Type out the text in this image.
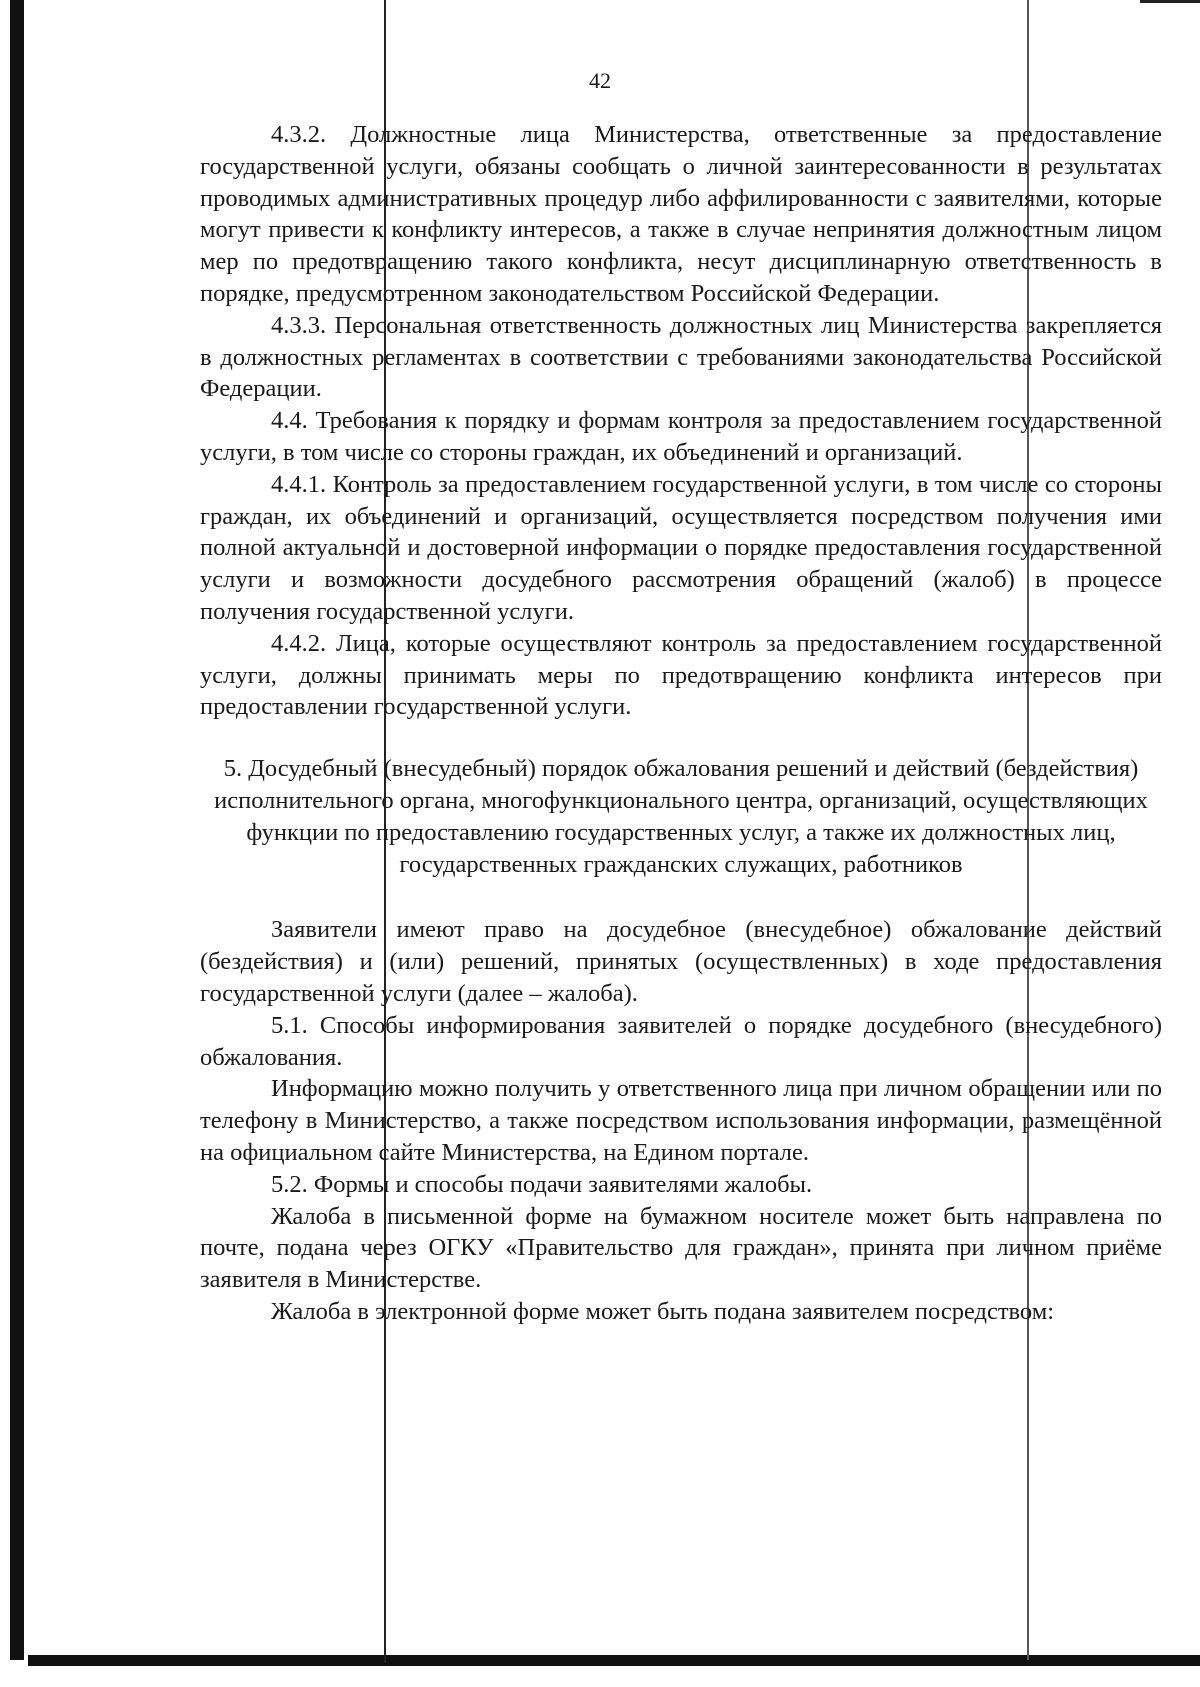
42

4.3.2. Должностные лица Министерства, ответственные за предоставление государственной услуги, обязаны сообщать о личной заинтересованности в результатах проводимых административных процедур либо аффилированности с заявителями, которые могут привести к конфликту интересов, а также в случае непринятия должностным лицом мер по предотвращению такого конфликта, несут дисциплинарную ответственность в порядке, предусмотренном законодательством Российской Федерации.

4.3.3. Персональная ответственность должностных лиц Министерства закрепляется в должностных регламентах в соответствии с требованиями законодательства Российской Федерации.

4.4. Требования к порядку и формам контроля за предоставлением государственной услуги, в том числе со стороны граждан, их объединений и организаций.

4.4.1. Контроль за предоставлением государственной услуги, в том числе со стороны граждан, их объединений и организаций, осуществляется посредством получения ими полной актуальной и достоверной информации о порядке предоставления государственной услуги и возможности досудебного рассмотрения обращений (жалоб) в процессе получения государственной услуги.

4.4.2. Лица, которые осуществляют контроль за предоставлением государственной услуги, должны принимать меры по предотвращению конфликта интересов при предоставлении государственной услуги.

5. Досудебный (внесудебный) порядок обжалования решений и действий (бездействия) исполнительного органа, многофункционального центра, организаций, осуществляющих функции по предоставлению государственных услуг, а также их должностных лиц, государственных гражданских служащих, работников

Заявители имеют право на досудебное (внесудебное) обжалование действий (бездействия) и (или) решений, принятых (осуществленных) в ходе предоставления государственной услуги (далее – жалоба).

5.1. Способы информирования заявителей о порядке досудебного (внесудебного) обжалования.

Информацию можно получить у ответственного лица при личном обращении или по телефону в Министерство, а также посредством использования информации, размещённой на официальном сайте Министерства, на Едином портале.

5.2. Формы и способы подачи заявителями жалобы.

Жалоба в письменной форме на бумажном носителе может быть направлена по почте, подана через ОГКУ «Правительство для граждан», принята при личном приёме заявителя в Министерстве.

Жалоба в электронной форме может быть подана заявителем посредством:
